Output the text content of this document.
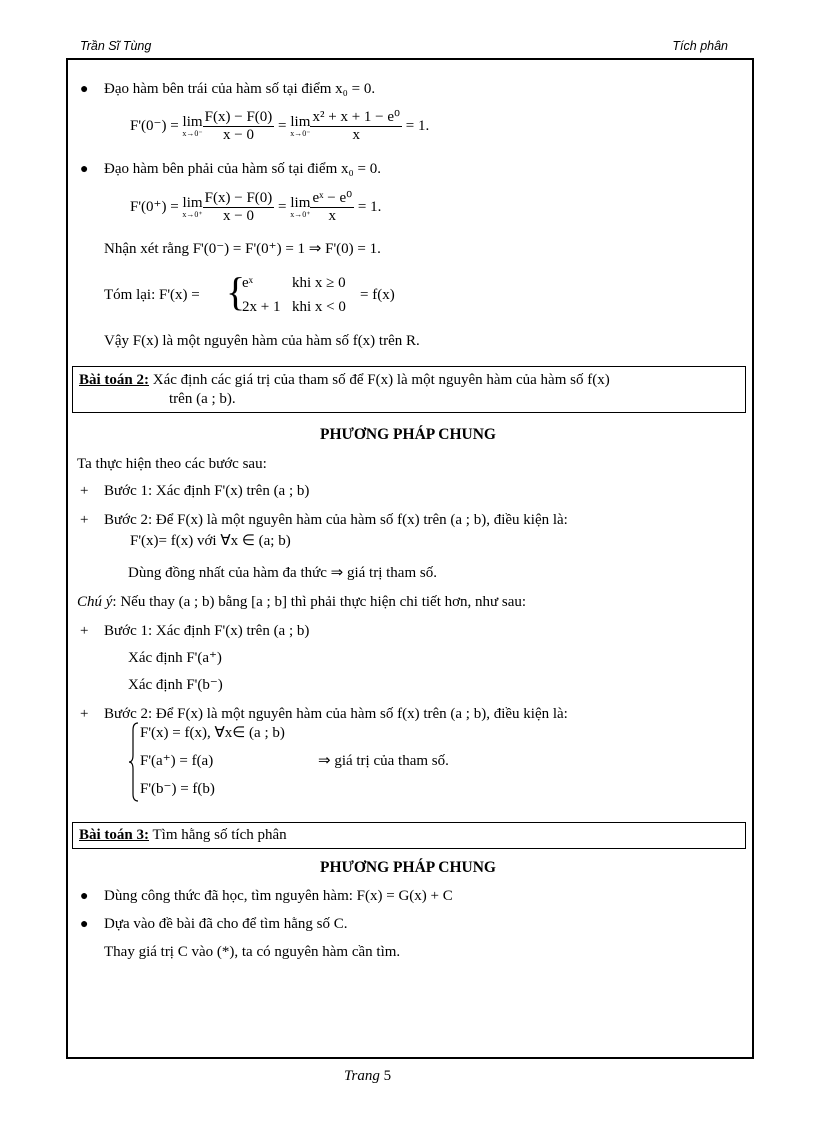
Trần Sĩ Tùng	Tích phân
● Đạo hàm bên trái của hàm số tại điểm x₀ = 0.
F'(0⁻) = lim
$x\to 0^- \frac{F(x) - F(0)}{x - 0} = \lim$
$x\to 0^- \frac{\text{x² + x + 1 − e⁰}}{x} = 1$.
● Đạo hàm bên phải của hàm số tại điểm x₀ = 0.
F'(0⁺) = lim
$x\to 0^+ \frac{F(x) - F(0)}{x - 0} = \lim$
$x\to 0^+ \frac{\text{eˣ − e⁰}}{x} = 1$.
Nhận xét rằng F'(0⁻) = F'(0⁺) = 1 ⇒ F'(0) = 1.
Tóm lại: F'(x) = {
eˣ	khi x ≥ 0
2x + 1 khi x < 0
= f(x)
Vậy F(x) là một nguyên hàm của hàm số f(x) trên R.
Bài toán 2: Xác định các giá trị của tham số để F(x) là một nguyên hàm của hàm số f(x)
trên (a ; b).
PHƯƠNG PHÁP CHUNG
Ta thực hiện theo các bước sau:
+ Bước 1: Xác định F'(x) trên (a ; b)
+ Bước 2: Để F(x) là một nguyên hàm của hàm số f(x) trên (a ; b), điều kiện là:
F'(x)= f(x) với ∀x ∈ (a; b)
Dùng đồng nhất của hàm đa thức ⇒ giá trị tham số.
Chú ý: Nếu thay (a ; b) bằng [a ; b] thì phải thực hiện chi tiết hơn, như sau:
+ Bước 1: Xác định F'(x) trên (a ; b)
Xác định F'(a⁺)
Xác định F'(b⁻)
+ Bước 2: Để F(x) là một nguyên hàm của hàm số f(x) trên (a ; b), điều kiện là:
F'(x) = f(x), ∀x∈ (a ; b)
F'(a⁺) = f(a)
F'(b⁻) = f(b)
⇒ giá trị của tham số.
Bài toán 3: Tìm hằng số tích phân
PHƯƠNG PHÁP CHUNG
● Dùng công thức đã học, tìm nguyên hàm: F(x) = G(x) + C
● Dựa vào đề bài đã cho để tìm hằng số C.
Thay giá trị C vào (*), ta có nguyên hàm cần tìm.
Trang 5
